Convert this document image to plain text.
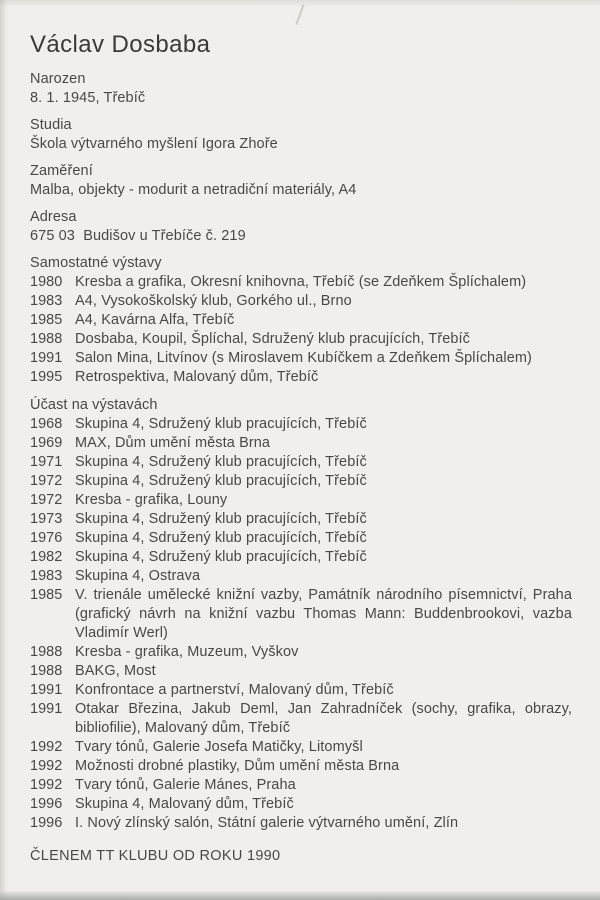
Václav Dosbaba
Narozen
8. 1. 1945, Třebíč
Studia
Škola výtvarného myšlení Igora Zhoře
Zaměření
Malba, objekty - modurit a netradiční materiály, A4
Adresa
675 03  Budišov u Třebíče č. 219
Samostatné výstavy
1980 Kresba a grafika, Okresní knihovna, Třebíč (se Zdeňkem Šplíchalem)
1983 A4, Vysokoškolský klub, Gorkého ul., Brno
1985 A4, Kavárna Alfa, Třebíč
1988 Dosbaba, Koupil, Šplíchal, Sdružený klub pracujících, Třebíč
1991 Salon Mina, Litvínov (s Miroslavem Kubíčkem a Zdeňkem Šplíchalem)
1995 Retrospektiva, Malovaný dům, Třebíč
Účast na výstavách
1968 Skupina 4, Sdružený klub pracujících, Třebíč
1969 MAX, Dům umění města Brna
1971 Skupina 4, Sdružený klub pracujících, Třebíč
1972 Skupina 4, Sdružený klub pracujících, Třebíč
1972 Kresba - grafika, Louny
1973 Skupina 4, Sdružený klub pracujících, Třebíč
1976 Skupina 4, Sdružený klub pracujících, Třebíč
1982 Skupina 4, Sdružený klub pracujících, Třebíč
1983 Skupina 4, Ostrava
1985 V. trienále umělecké knižní vazby, Památník národního písemnictví, Praha (grafický návrh na knižní vazbu Thomas Mann: Buddenbrookovi, vazba Vladimír Werl)
1988 Kresba - grafika, Muzeum, Vyškov
1988 BAKG, Most
1991 Konfrontace a partnerství, Malovaný dům, Třebíč
1991 Otakar Březina, Jakub Deml, Jan Zahradníček (sochy, grafika, obrazy, bibliofilie), Malovaný dům, Třebíč
1992 Tvary tónů, Galerie Josefa Matičky, Litomyšl
1992 Možnosti drobné plastiky, Dům umění města Brna
1992 Tvary tónů, Galerie Mánes, Praha
1996 Skupina 4, Malovaný dům, Třebíč
1996 I. Nový zlínský salón, Státní galerie výtvarného umění, Zlín
ČLENEM TT KLUBU OD ROKU 1990
